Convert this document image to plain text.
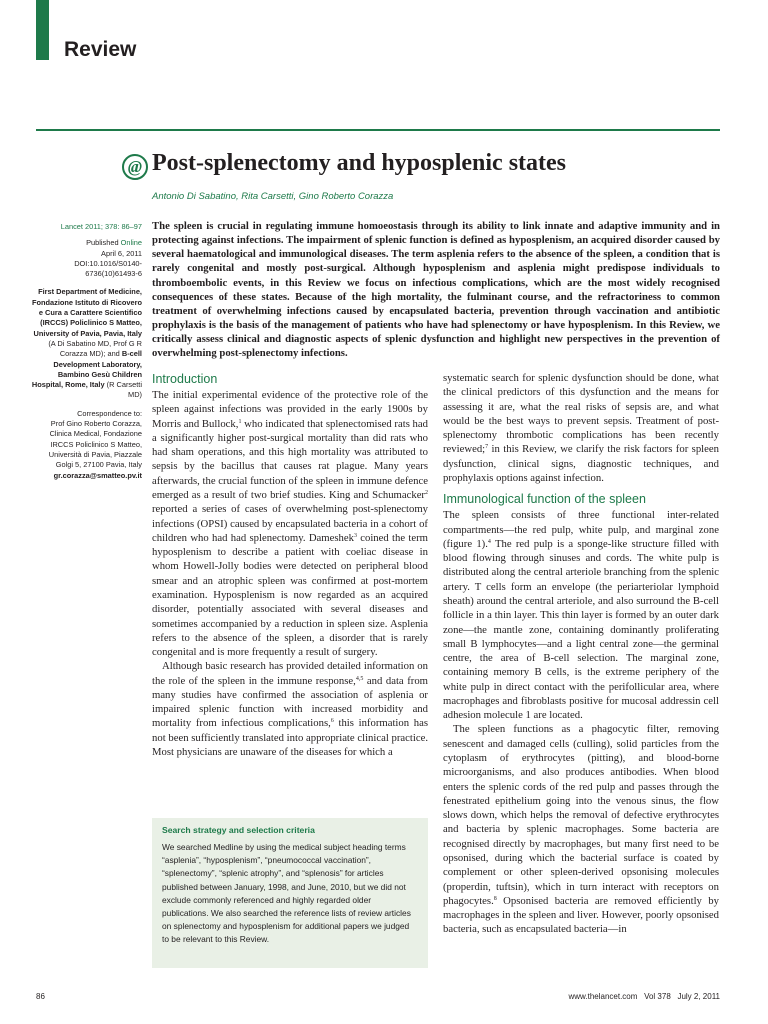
Review
@ Post-splenectomy and hyposplenic states
Antonio Di Sabatino, Rita Carsetti, Gino Roberto Corazza

Lancet 2011; 378: 86–97

Published Online
April 6, 2011
DOI:10.1016/S0140-6736(10)61493-6

First Department of Medicine, Fondazione Istituto di Ricovero e Cura a Carattere Scientifico (IRCCS) Policlinico S Matteo, University of Pavia, Pavia, Italy (A Di Sabatino MD, Prof G R Corazza MD); and B-cell Development Laboratory, Bambino Gesù Children Hospital, Rome, Italy (R Carsetti MD)

Correspondence to:
Prof Gino Roberto Corazza, Clinica Medical, Fondazione IRCCS Policlinico S Matteo, Università di Pavia, Piazzale Golgi 5, 27100 Pavia, Italy
gr.corazza@smatteo.pv.it

The spleen is crucial in regulating immune homoeostasis through its ability to link innate and adaptive immunity and in protecting against infections. The impairment of splenic function is defined as hyposplenism, an acquired disorder caused by several haematological and immunological diseases. The term asplenia refers to the absence of the spleen, a condition that is rarely congenital and mostly post-surgical. Although hyposplenism and asplenia might predispose individuals to thromboembolic events, in this Review we focus on infectious complications, which are the most widely recognised consequences of these states. Because of the high mortality, the fulminant course, and the refractoriness to common treatment of overwhelming infections caused by encapsulated bacteria, prevention through vaccination and antibiotic prophylaxis is the basis of the management of patients who have had splenectomy or have hyposplenism. In this Review, we critically assess clinical and diagnostic aspects of splenic dysfunction and highlight new perspectives in the prevention of overwhelming post-splenectomy infections.

Introduction

The initial experimental evidence of the protective role of the spleen against infections was provided in the early 1900s by Morris and Bullock,$^1$ who indicated that splenectomised rats had a significantly higher post-surgical mortality than did rats who had sham operations, and this high mortality was attributed to sepsis by the bacillus that causes rat plague. Many years afterwards, the crucial function of the spleen in immune defence emerged as a result of two brief studies. King and Schumacker$^2$ reported a series of cases of overwhelming post-splenectomy infections (OPSI) caused by encapsulated bacteria in a cohort of children who had had splenectomy. Dameshek$^3$ coined the term hyposplenism to describe a patient with coeliac disease in whom Howell-Jolly bodies were detected on peripheral blood smear and an atrophic spleen was confirmed at post-mortem examination. Hyposplenism is now regarded as an acquired disorder, potentially associated with several diseases and sometimes accompanied by a reduction in spleen size. Asplenia refers to the absence of the spleen, a disorder that is rarely congenital and is more frequently a result of surgery.

Although basic research has provided detailed information on the role of the spleen in the immune response,$^{4,5}$ and data from many studies have confirmed the association of asplenia or impaired splenic function with increased morbidity and mortality from infectious complications,$^6$ this information has not been sufficiently translated into appropriate clinical practice. Most physicians are unaware of the diseases for which a

Search strategy and selection criteria

We searched Medline by using the medical subject heading terms “asplenia”, “hyposplenism”, “pneumococcal vaccination”, “splenectomy”, “splenic atrophy”, and “splenosis” for articles published between January, 1998, and June, 2010, but we did not exclude commonly referenced and highly regarded older publications. We also searched the reference lists of review articles on splenectomy and hyposplenism for additional papers we judged to be relevant to this Review.

systematic search for splenic dysfunction should be done, what the clinical predictors of this dysfunction and the means for assessing it are, what the real risks of sepsis are, and what would be the best ways to prevent sepsis. Treatment of post-splenectomy thrombotic complications has been recently reviewed;$^7$ in this Review, we clarify the risk factors for spleen dysfunction, clinical signs, diagnostic techniques, and prophylaxis options against infection.

Immunological function of the spleen

The spleen consists of three functional inter-related compartments—the red pulp, white pulp, and marginal zone (figure 1).$^4$ The red pulp is a sponge-like structure filled with blood flowing through sinuses and cords. The white pulp is distributed along the central arteriole branching from the splenic artery. T cells form an envelope (the periarteriolar lymphoid sheath) around the central arteriole, and also surround the B-cell follicle in a thin layer. This thin layer is formed by an outer dark zone—the mantle zone, containing dominantly proliferating small B lymphocytes—and a light central zone—the germinal centre, the area of B-cell selection. The marginal zone, containing memory B cells, is the extreme periphery of the white pulp in direct contact with the perifollicular area, where macrophages and fibroblasts positive for mucosal addressin cell adhesion molecule 1 are located.

The spleen functions as a phagocytic filter, removing senescent and damaged cells (culling), solid particles from the cytoplasm of erythrocytes (pitting), and blood-borne microorganisms, and also produces antibodies. When blood enters the splenic cords of the red pulp and passes through the fenestrated epithelium going into the venous sinus, the flow slows down, which helps the removal of defective erythrocytes and bacteria by splenic macrophages. Some bacteria are recognised directly by macrophages, but many first need to be opsonised, during which the bacterial surface is coated by complement or other spleen-derived opsonising molecules (properdin, tuftsin), which in turn interact with receptors on phagocytes.$^8$ Opsonised bacteria are removed efficiently by macrophages in the spleen and liver. However, poorly opsonised bacteria, such as encapsulated bacteria—in

86	www.thelancet.com   Vol 378   July 2, 2011
